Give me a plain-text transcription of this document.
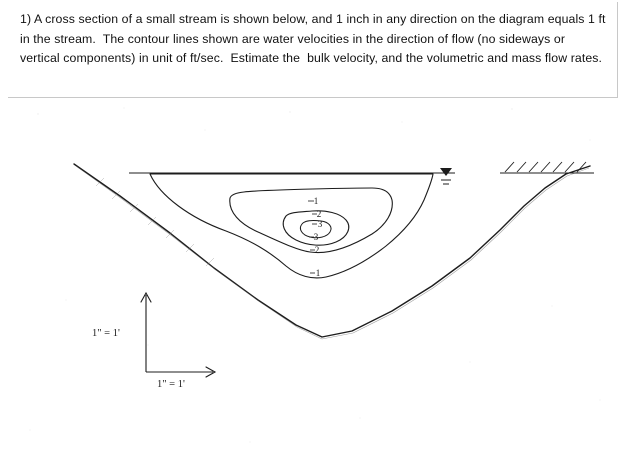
1) A cross section of a small stream is shown below, and 1 inch in any direction on the diagram equals 1 ft in the stream.  The contour lines shown are water velocities in the direction of flow (no sideways or vertical components) in unit of ft/sec.  Estimate the  bulk velocity, and the volumetric and mass flow rates.
1
2
3
3
2
1
1" = 1'
1" = 1'
